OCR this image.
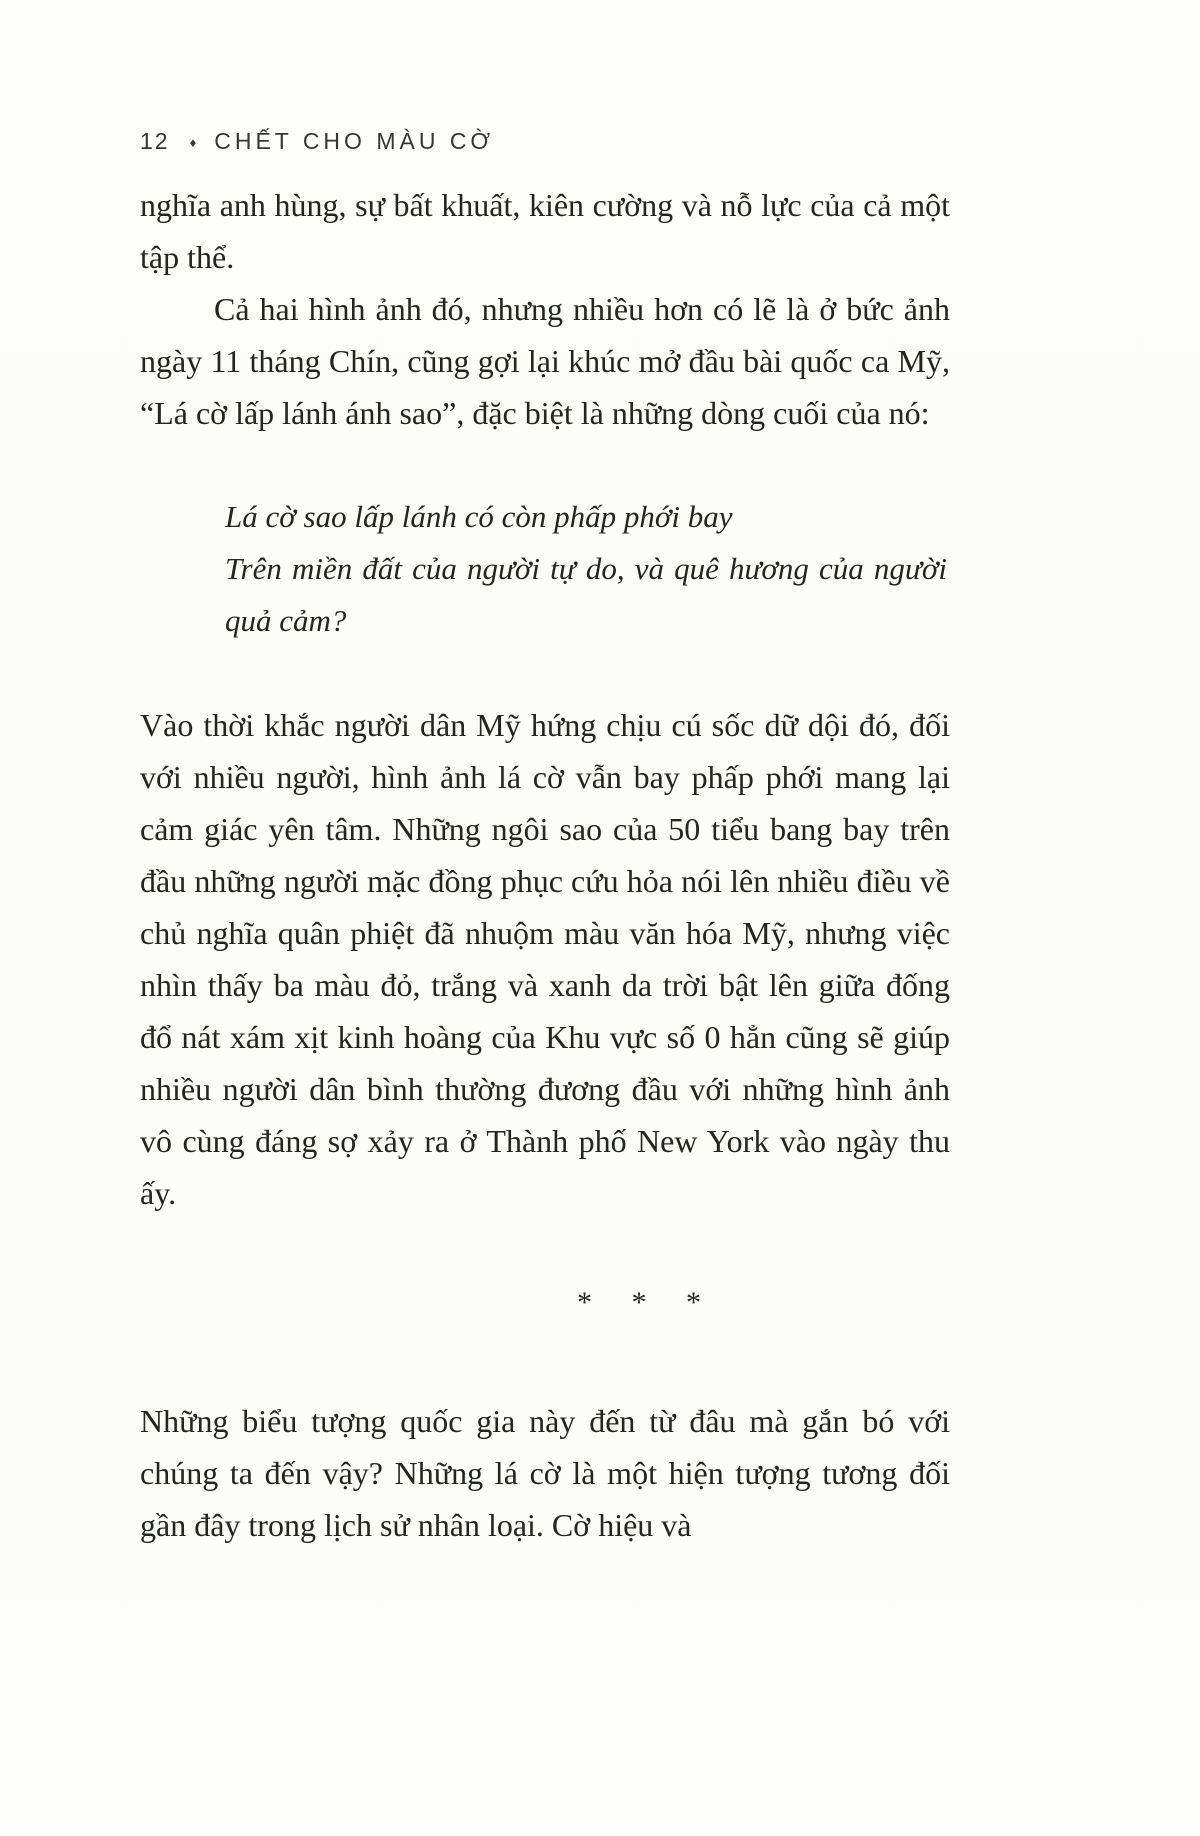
12 ♦ CHẾT CHO MÀU CỜ

nghĩa anh hùng, sự bất khuất, kiên cường và nỗ lực của cả một tập thể.

Cả hai hình ảnh đó, nhưng nhiều hơn có lẽ là ở bức ảnh ngày 11 tháng Chín, cũng gợi lại khúc mở đầu bài quốc ca Mỹ, “Lá cờ lấp lánh ánh sao”, đặc biệt là những dòng cuối của nó:

Lá cờ sao lấp lánh có còn phấp phới bay
Trên miền đất của người tự do, và quê hương của người quả cảm?

Vào thời khắc người dân Mỹ hứng chịu cú sốc dữ dội đó, đối với nhiều người, hình ảnh lá cờ vẫn bay phấp phới mang lại cảm giác yên tâm. Những ngôi sao của 50 tiểu bang bay trên đầu những người mặc đồng phục cứu hỏa nói lên nhiều điều về chủ nghĩa quân phiệt đã nhuộm màu văn hóa Mỹ, nhưng việc nhìn thấy ba màu đỏ, trắng và xanh da trời bật lên giữa đống đổ nát xám xịt kinh hoàng của Khu vực số 0 hẳn cũng sẽ giúp nhiều người dân bình thường đương đầu với những hình ảnh vô cùng đáng sợ xảy ra ở Thành phố New York vào ngày thu ấy.

* * *

Những biểu tượng quốc gia này đến từ đâu mà gắn bó với chúng ta đến vậy? Những lá cờ là một hiện tượng tương đối gần đây trong lịch sử nhân loại. Cờ hiệu và
